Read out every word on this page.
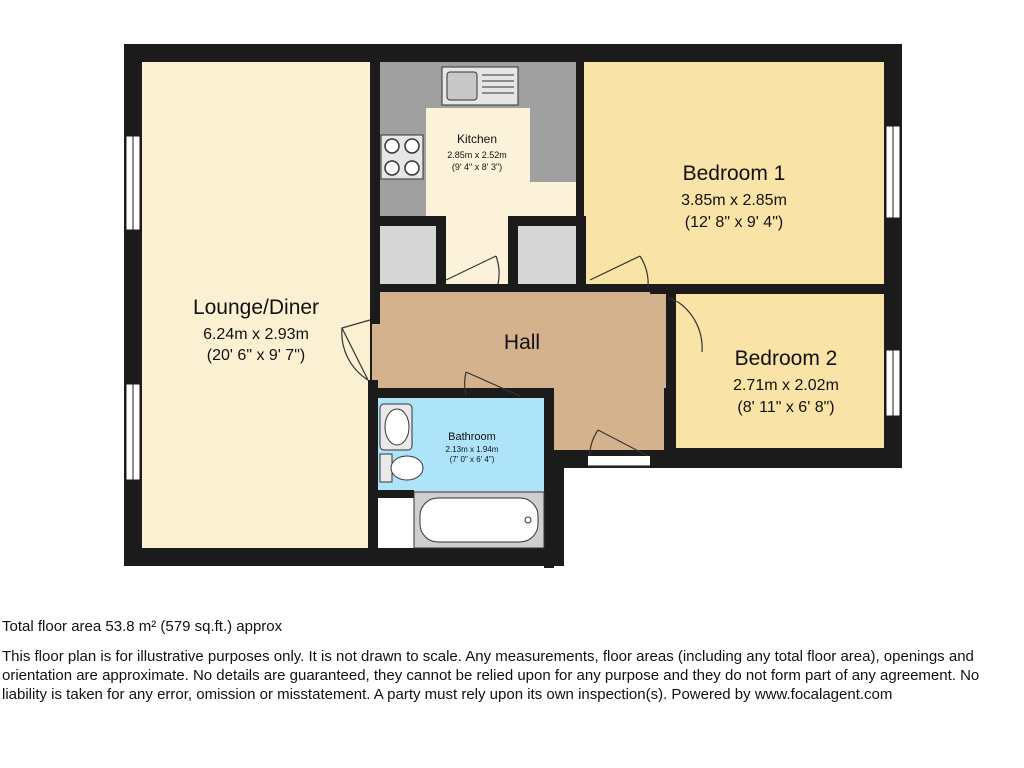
Lounge/Diner
6.24m x 2.93m
(20' 6" x 9' 7")
Kitchen
2.85m x 2.52m
(9' 4" x 8' 3")	Bedroom 1
3.85m x 2.85m
(12' 8" x 9' 4")
Hall
Bedroom 2
2.71m x 2.02m
(8' 11" x 6' 8")
Bathroom
2.13m x 1.94m
(7' 0" x 6' 4")
Total floor area 53.8 m² (579 sq.ft.) approx
This floor plan is for illustrative purposes only. It is not drawn to scale. Any measurements, floor areas (including any total floor area), openings and orientation are approximate. No details are guaranteed, they cannot be relied upon for any purpose and they do not form part of any agreement. No liability is taken for any error, omission or misstatement. A party must rely upon its own inspection(s). Powered by www.focalagent.com
